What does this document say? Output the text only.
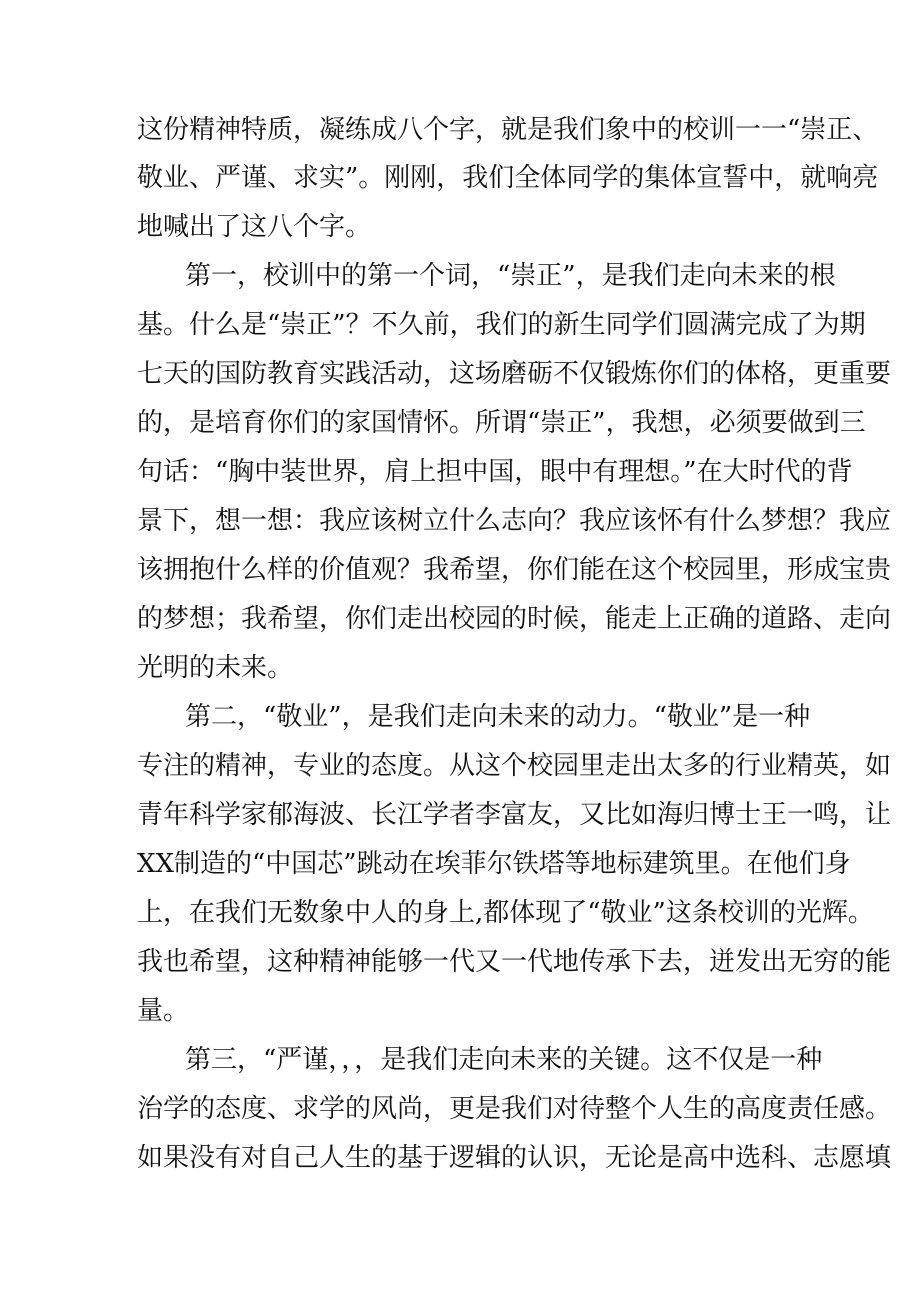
这份精神特质，凝练成八个字，就是我们象中的校训一一“崇正、
敬业、严谨、求实”。刚刚，我们全体同学的集体宣誓中，就响亮
地喊出了这八个字。
第一，校训中的第一个词，“崇正”，是我们走向未来的根
基。什么是“崇正”？不久前，我们的新生同学们圆满完成了为期
七天的国防教育实践活动，这场磨砺不仅锻炼你们的体格，更重要
的，是培育你们的家国情怀。所谓“崇正”，我想，必须要做到三
句话：“胸中装世界，肩上担中国，眼中有理想。”在大时代的背
景下，想一想：我应该树立什么志向？我应该怀有什么梦想？我应
该拥抱什么样的价值观？我希望，你们能在这个校园里，形成宝贵
的梦想；我希望，你们走出校园的时候，能走上正确的道路、走向
光明的未来。
第二，“敬业”，是我们走向未来的动力。“敬业”是一种
专注的精神，专业的态度。从这个校园里走出太多的行业精英，如
青年科学家郁海波、长江学者李富友，又比如海归博士王一鸣，让
XX制造的“中国芯”跳动在埃菲尔铁塔等地标建筑里。在他们身
上，在我们无数象中人的身上,都体现了“敬业”这条校训的光辉。
我也希望，这种精神能够一代又一代地传承下去，迸发出无穷的能
量。
第三，“严谨，，，是我们走向未来的关键。这不仅是一种
治学的态度、求学的风尚，更是我们对待整个人生的高度责任感。
如果没有对自己人生的基于逻辑的认识，无论是高中选科、志愿填
